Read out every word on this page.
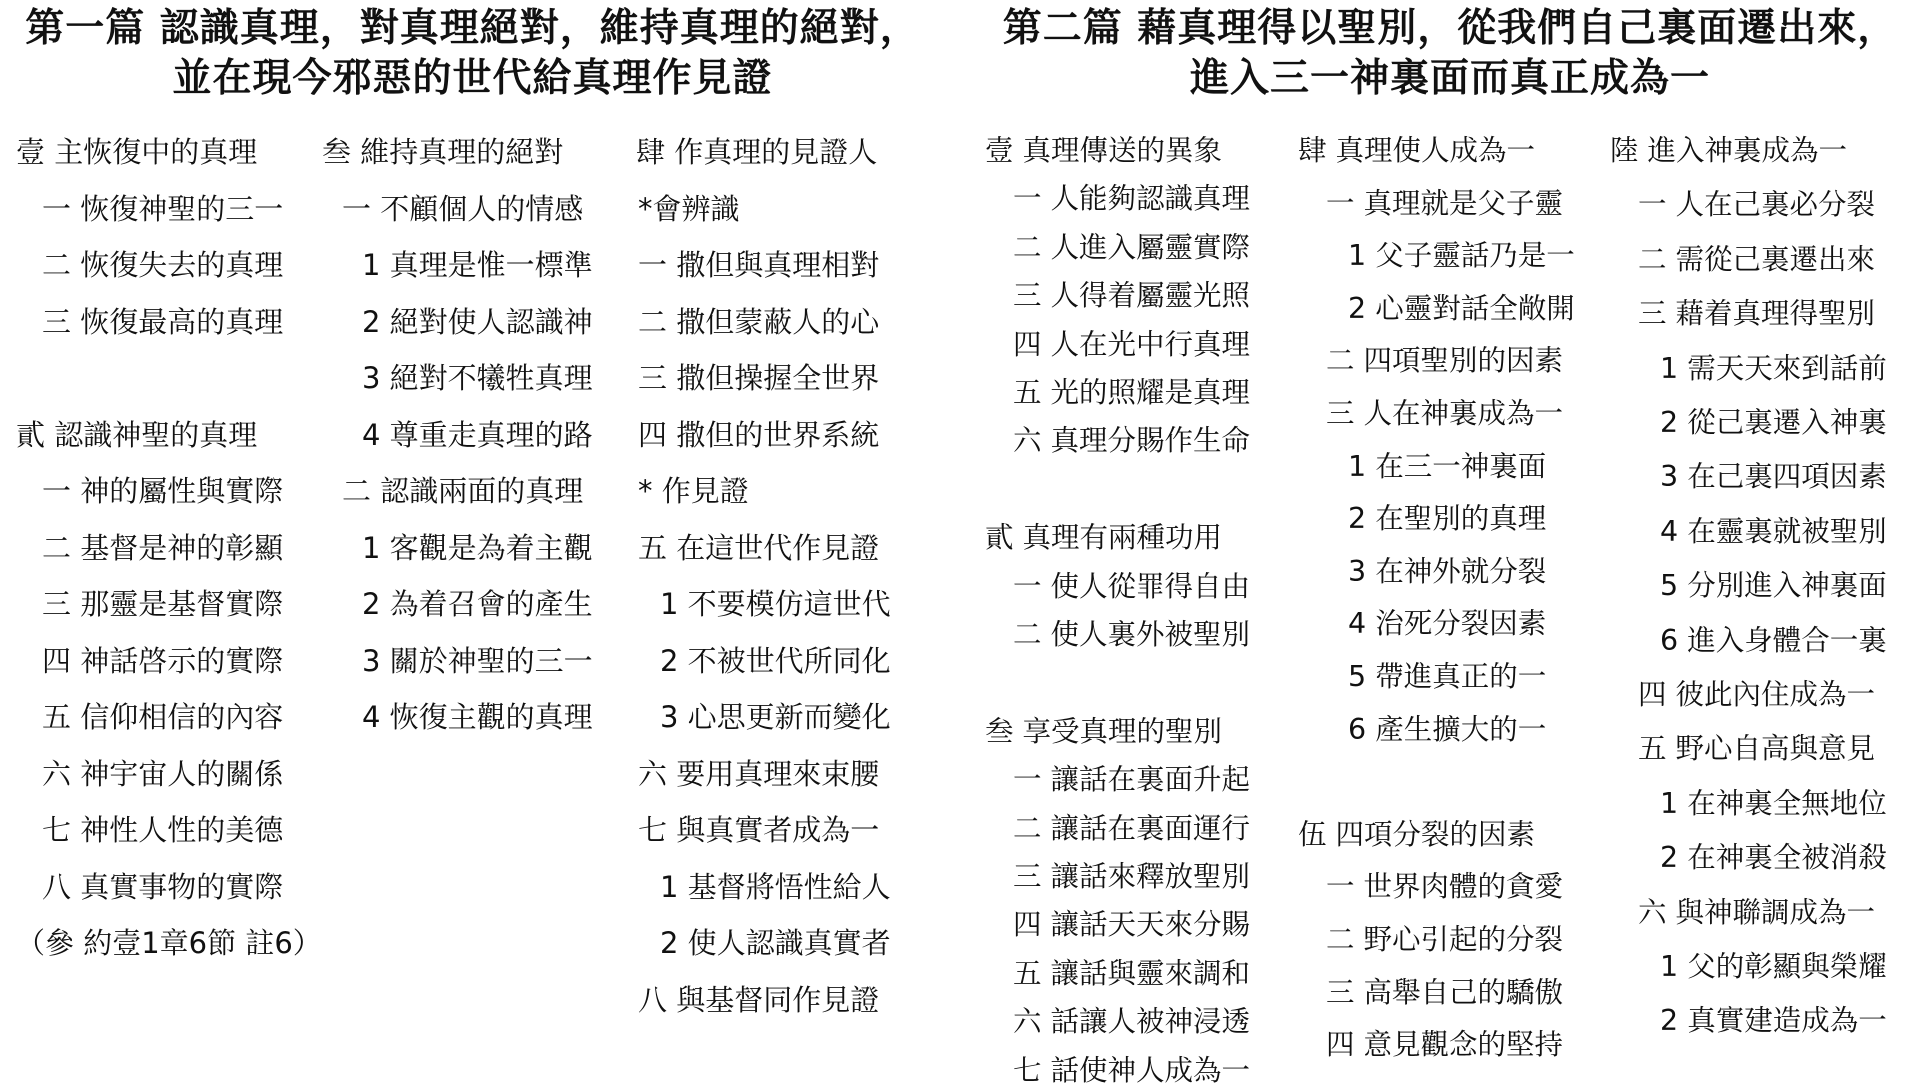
第一篇 認識真理，對真理絕對，維持真理的絕對，
並在現今邪惡的世代給真理作見證
第二篇 藉真理得以聖別，從我們自己裏面遷出來，
進入三一神裏面而真正成為一
壹 主恢復中的真理
一 恢復神聖的三一
二 恢復失去的真理
三 恢復最高的真理
貳 認識神聖的真理
一 神的屬性與實際
二 基督是神的彰顯
三 那靈是基督實際
四 神話啓示的實際
五 信仰相信的內容
六 神宇宙人的關係
七 神性人性的美德
八 真實事物的實際
（參 約壹1章6節 註6）
叁 維持真理的絕對
一 不顧個人的情感
1 真理是惟一標準
2 絕對使人認識神
3 絕對不犧牲真理
4 尊重走真理的路
二 認識兩面的真理
1 客觀是為着主觀
2 為着召會的產生
3 關於神聖的三一
4 恢復主觀的真理
肆 作真理的見證人
*會辨識
一 撒但與真理相對
二 撒但蒙蔽人的心
三 撒但操握全世界
四 撒但的世界系統
* 作見證
五 在這世代作見證
1 不要模仿這世代
2 不被世代所同化
3 心思更新而變化
六 要用真理來束腰
七 與真實者成為一
1 基督將悟性給人
2 使人認識真實者
八 與基督同作見證
壹 真理傳送的異象
一 人能夠認識真理
二 人進入屬靈實際
三 人得着屬靈光照
四 人在光中行真理
五 光的照耀是真理
六 真理分賜作生命
貳 真理有兩種功用
一 使人從罪得自由
二 使人裏外被聖別
叁 享受真理的聖別
一 讓話在裏面升起
二 讓話在裏面運行
三 讓話來釋放聖別
四 讓話天天來分賜
五 讓話與靈來調和
六 話讓人被神浸透
七 話使神人成為一
肆 真理使人成為一
一 真理就是父子靈
1 父子靈話乃是一
2 心靈對話全敞開
二 四項聖別的因素
三 人在神裏成為一
1 在三一神裏面
2 在聖別的真理
3 在神外就分裂
4 治死分裂因素
5 帶進真正的一
6 產生擴大的一
伍 四項分裂的因素
一 世界肉體的貪愛
二 野心引起的分裂
三 高舉自己的驕傲
四 意見觀念的堅持
陸 進入神裏成為一
一 人在己裏必分裂
二 需從己裏遷出來
三 藉着真理得聖別
1 需天天來到話前
2 從己裏遷入神裏
3 在己裏四項因素
4 在靈裏就被聖別
5 分別進入神裏面
6 進入身體合一裏
四 彼此內住成為一
五 野心自高與意見
1 在神裏全無地位
2 在神裏全被消殺
六 與神聯調成為一
1 父的彰顯與榮耀
2 真實建造成為一
